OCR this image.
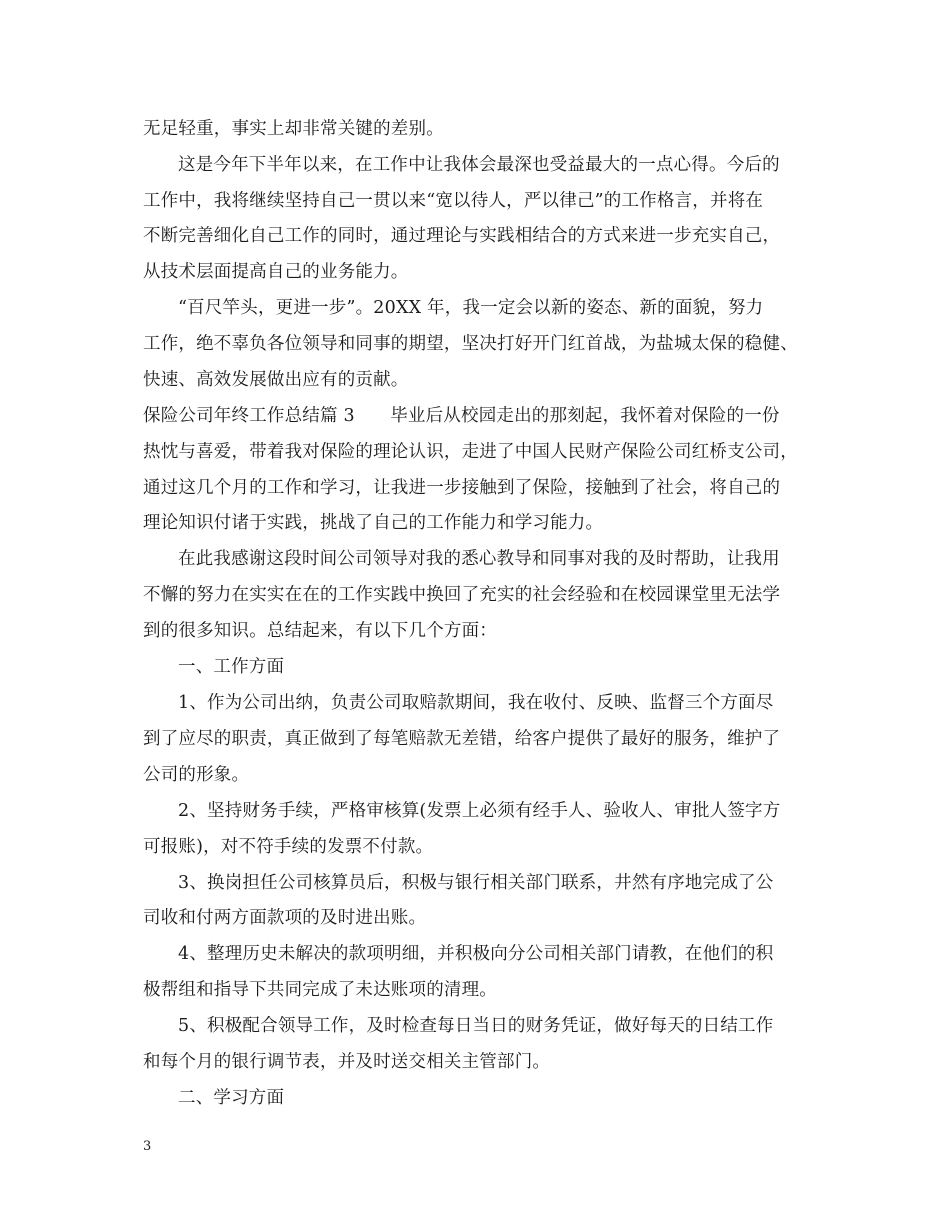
无足轻重，事实上却非常关键的差别。
这是今年下半年以来，在工作中让我体会最深也受益最大的一点心得。今后的
工作中，我将继续坚持自己一贯以来“宽以待人，严以律己”的工作格言，并将在
不断完善细化自己工作的同时，通过理论与实践相结合的方式来进一步充实自己，
从技术层面提高自己的业务能力。
“百尺竿头，更进一步”。20XX 年，我一定会以新的姿态、新的面貌，努力
工作，绝不辜负各位领导和同事的期望，坚决打好开门红首战，为盐城太保的稳健、
快速、高效发展做出应有的贡献。
保险公司年终工作总结篇 3　　毕业后从校园走出的那刻起，我怀着对保险的一份
热忱与喜爱，带着我对保险的理论认识，走进了中国人民财产保险公司红桥支公司，
通过这几个月的工作和学习，让我进一步接触到了保险，接触到了社会，将自己的
理论知识付诸于实践，挑战了自己的工作能力和学习能力。
在此我感谢这段时间公司领导对我的悉心教导和同事对我的及时帮助，让我用
不懈的努力在实实在在的工作实践中换回了充实的社会经验和在校园课堂里无法学
到的很多知识。总结起来，有以下几个方面：
一、工作方面
1、作为公司出纳，负责公司取赔款期间，我在收付、反映、监督三个方面尽
到了应尽的职责，真正做到了每笔赔款无差错，给客户提供了最好的服务，维护了
公司的形象。
2、坚持财务手续，严格审核算(发票上必须有经手人、验收人、审批人签字方
可报账)，对不符手续的发票不付款。
3、换岗担任公司核算员后，积极与银行相关部门联系，井然有序地完成了公
司收和付两方面款项的及时进出账。
4、整理历史未解决的款项明细，并积极向分公司相关部门请教，在他们的积
极帮组和指导下共同完成了未达账项的清理。
5、积极配合领导工作，及时检查每日当日的财务凭证，做好每天的日结工作
和每个月的银行调节表，并及时送交相关主管部门。
二、学习方面
3
